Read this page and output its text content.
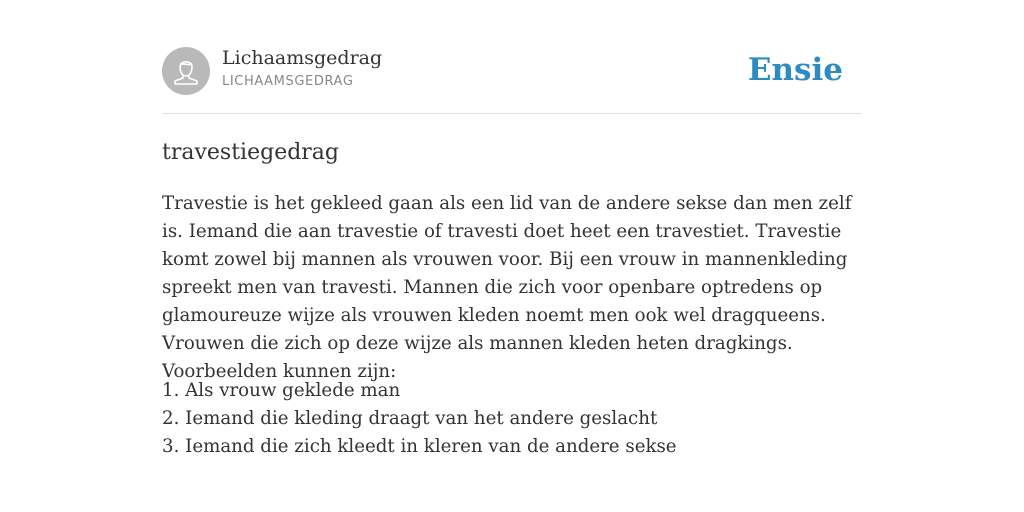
Lichaamsgedrag
LICHAAMSGEDRAG	Ensie
travestiegedrag

Travestie is het gekleed gaan als een lid van de andere sekse dan men zelf is. Iemand die aan travestie of travesti doet heet een travestiet. Travestie komt zowel bij mannen als vrouwen voor. Bij een vrouw in mannenkleding spreekt men van travesti. Mannen die zich voor openbare optredens op glamoureuze wijze als vrouwen kleden noemt men ook wel dragqueens. Vrouwen die zich op deze wijze als mannen kleden heten dragkings. Voorbeelden kunnen zijn:

1. Als vrouw geklede man
2. Iemand die kleding draagt van het andere geslacht
3. Iemand die zich kleedt in kleren van de andere sekse
